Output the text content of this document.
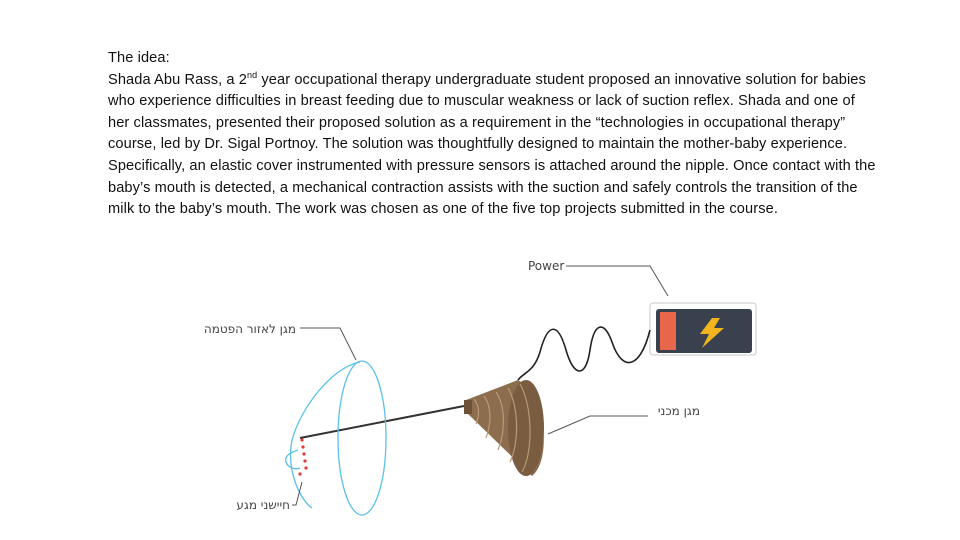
The idea:

Shada Abu Rass, a 2nd year occupational therapy undergraduate student proposed an innovative solution for babies who experience difficulties in breast feeding due to muscular weakness or lack of suction reflex. Shada and one of her classmates, presented their proposed solution as a requirement in the “technologies in occupational therapy” course, led by Dr. Sigal Portnoy. The solution was thoughtfully designed to maintain the mother-baby experience. Specifically, an elastic cover instrumented with pressure sensors is attached around the nipple. Once contact with the baby’s mouth is detected, a mechanical contraction assists with the suction and safely controls the transition of the milk to the baby’s mouth. The work was chosen as one of the five top projects submitted in the course.

Power
מגן מכני
מגן לאזור הפטמה
חיישני מגע
